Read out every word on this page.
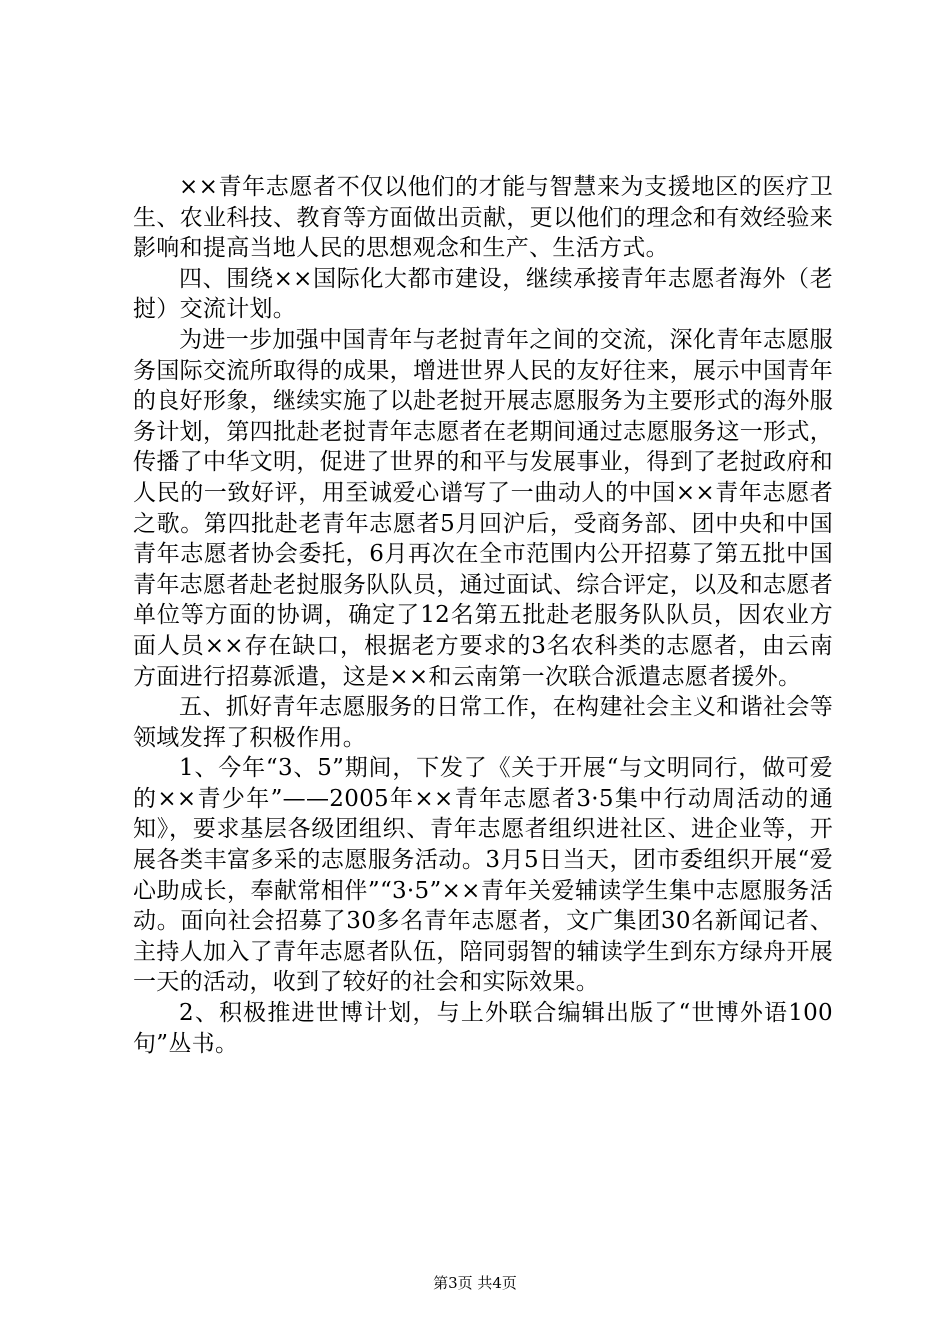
××青年志愿者不仅以他们的才能与智慧来为支援地区的医疗卫生、农业科技、教育等方面做出贡献，更以他们的理念和有效经验来影响和提高当地人民的思想观念和生产、生活方式。

四、围绕××国际化大都市建设，继续承接青年志愿者海外（老挝）交流计划。

为进一步加强中国青年与老挝青年之间的交流，深化青年志愿服务国际交流所取得的成果，增进世界人民的友好往来，展示中国青年的良好形象，继续实施了以赴老挝开展志愿服务为主要形式的海外服务计划，第四批赴老挝青年志愿者在老期间通过志愿服务这一形式，传播了中华文明，促进了世界的和平与发展事业，得到了老挝政府和人民的一致好评，用至诚爱心谱写了一曲动人的中国××青年志愿者之歌。第四批赴老青年志愿者5月回沪后，受商务部、团中央和中国青年志愿者协会委托，6月再次在全市范围内公开招募了第五批中国青年志愿者赴老挝服务队队员，通过面试、综合评定，以及和志愿者单位等方面的协调，确定了12名第五批赴老服务队队员，因农业方面人员××存在缺口，根据老方要求的3名农科类的志愿者，由云南方面进行招募派遣，这是××和云南第一次联合派遣志愿者援外。

五、抓好青年志愿服务的日常工作，在构建社会主义和谐社会等领域发挥了积极作用。

1、今年“3、5”期间，下发了《关于开展“与文明同行，做可爱的××青少年”——2005年××青年志愿者3·5集中行动周活动的通知》，要求基层各级团组织、青年志愿者组织进社区、进企业等，开展各类丰富多采的志愿服务活动。3月5日当天，团市委组织开展“爱心助成长，奉献常相伴”“3·5”××青年关爱辅读学生集中志愿服务活动。面向社会招募了30多名青年志愿者，文广集团30名新闻记者、主持人加入了青年志愿者队伍，陪同弱智的辅读学生到东方绿舟开展一天的活动，收到了较好的社会和实际效果。

2、积极推进世博计划，与上外联合编辑出版了“世博外语100句”丛书。

第3页 共4页
